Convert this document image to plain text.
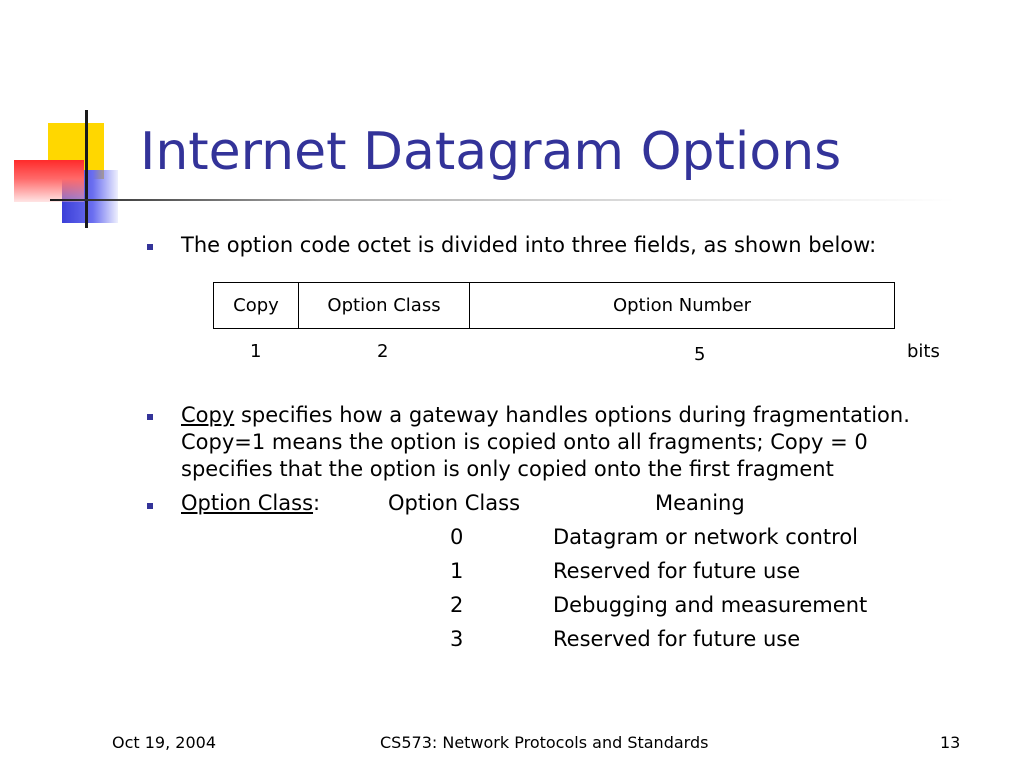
Internet Datagram Options
The option code octet is divided into three fields, as shown below:
Copy	Option Class	Option Number
1	2	5	bits
Copy specifies how a gateway handles options during fragmentation.
Copy=1 means the option is copied onto all fragments; Copy = 0
specifies that the option is only copied onto the first fragment
Option Class:	Option Class	Meaning
0	Datagram or network control
1	Reserved for future use
2	Debugging and measurement
3	Reserved for future use
Oct 19, 2004	CS573: Network Protocols and Standards	13
